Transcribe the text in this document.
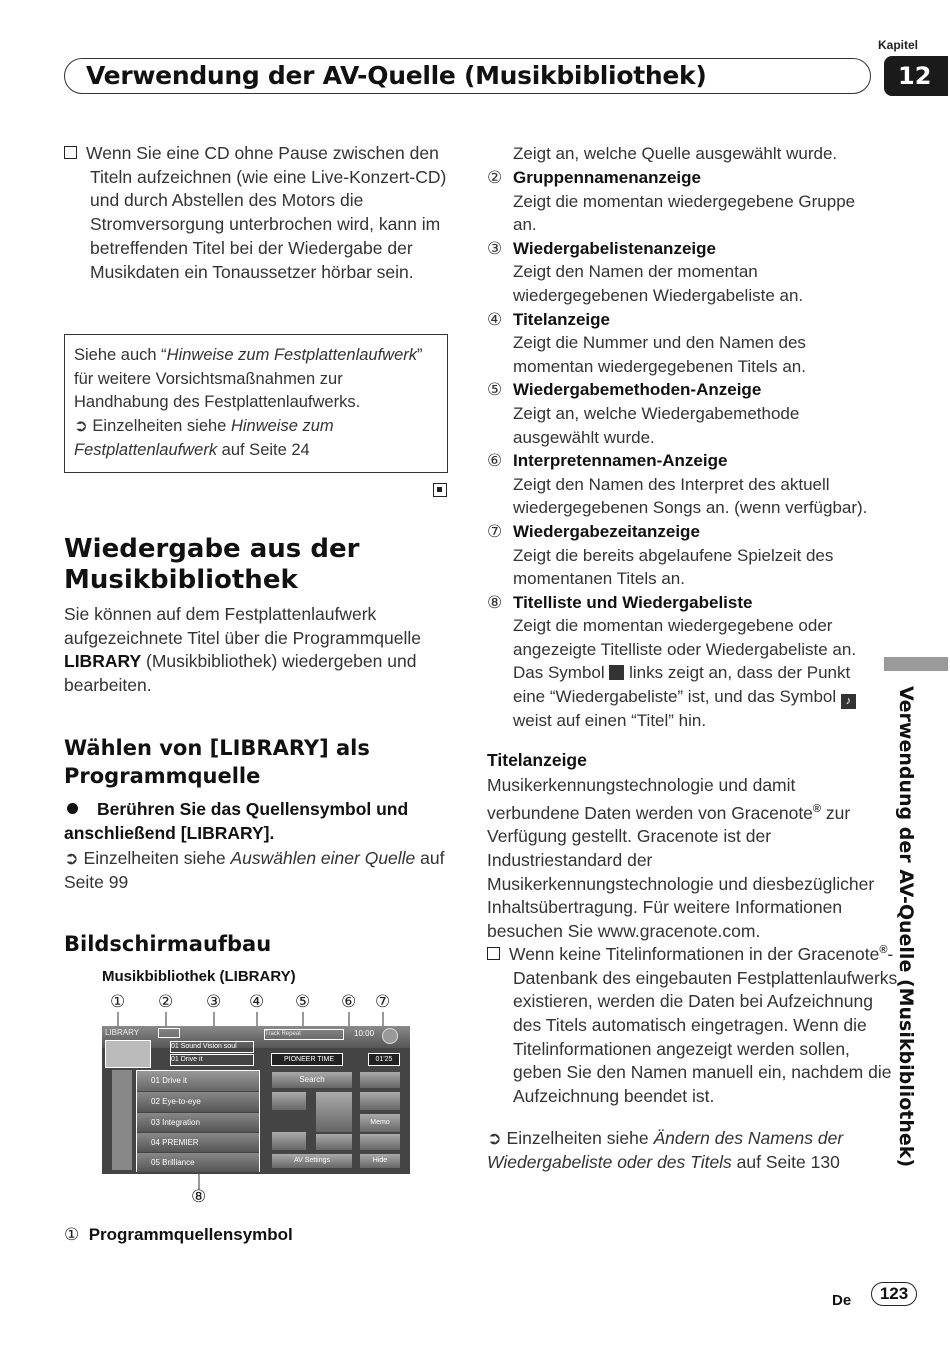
Verwendung der AV-Quelle (Musikbibliothek)
Kapitel
12
Wenn Sie eine CD ohne Pause zwischen den Titeln aufzeichnen (wie eine Live-Konzert-CD) und durch Abstellen des Motors die Stromversorgung unterbrochen wird, kann im betreffenden Titel bei der Wiedergabe der Musikdaten ein Tonaussetzer hörbar sein.
Siehe auch “Hinweise zum Festplattenlaufwerk” für weitere Vorsichtsmaßnahmen zur Handhabung des Festplattenlaufwerks.
➲ Einzelheiten siehe Hinweise zum Festplattenlaufwerk auf Seite 24
Wiedergabe aus der Musikbibliothek
Sie können auf dem Festplattenlaufwerk aufgezeichnete Titel über die Programmquelle LIBRARY (Musikbibliothek) wiedergeben und bearbeiten.
Wählen von [LIBRARY] als Programmquelle
Berühren Sie das Quellensymbol und anschließend [LIBRARY].
➲ Einzelheiten siehe Auswählen einer Quelle auf Seite 99
Bildschirmaufbau
Musikbibliothek (LIBRARY)
① ② ③ ④ ⑤ ⑥ ⑦
LIBRARY
01 Sound Vision soul
01 Drive it
Track Repeat	10:00
PIONEER TIME	01'25
01 Drive it
02 Eye-to-eye
03 Integration
04 PREMIER
05 Brilliance
Search
AV Settings
Memo
Hide
⑧
① Programmquellensymbol
Zeigt an, welche Quelle ausgewählt wurde.
② Gruppennamenanzeige
Zeigt die momentan wiedergegebene Gruppe an.
③ Wiedergabelistenanzeige
Zeigt den Namen der momentan wiedergegebenen Wiedergabeliste an.
④ Titelanzeige
Zeigt die Nummer und den Namen des momentan wiedergegebenen Titels an.
⑤ Wiedergabemethoden-Anzeige
Zeigt an, welche Wiedergabemethode ausgewählt wurde.
⑥ Interpretennamen-Anzeige
Zeigt den Namen des Interpret des aktuell wiedergegebenen Songs an. (wenn verfügbar).
⑦ Wiedergabezeitanzeige
Zeigt die bereits abgelaufene Spielzeit des momentanen Titels an.
⑧ Titelliste und Wiedergabeliste
Zeigt die momentan wiedergegebene oder angezeigte Titelliste oder Wiedergabeliste an. Das Symbol links zeigt an, dass der Punkt eine “Wiedergabeliste” ist, und das Symbol ♪ weist auf einen “Titel” hin.
Titelanzeige
Musikerkennungstechnologie und damit verbundene Daten werden von Gracenote® zur Verfügung gestellt. Gracenote ist der Industriestandard der Musikerkennungstechnologie und diesbezüglicher Inhaltsübertragung. Für weitere Informationen besuchen Sie www.gracenote.com.
Wenn keine Titelinformationen in der Gracenote®-Datenbank des eingebauten Festplattenlaufwerks existieren, werden die Daten bei Aufzeichnung des Titels automatisch eingetragen. Wenn die Titelinformationen angezeigt werden sollen, geben Sie den Namen manuell ein, nachdem die Aufzeichnung beendet ist.
➲ Einzelheiten siehe Ändern des Namens der Wiedergabeliste oder des Titels auf Seite 130	Verwendung der AV-Quelle (Musikbibliothek)
De	123
